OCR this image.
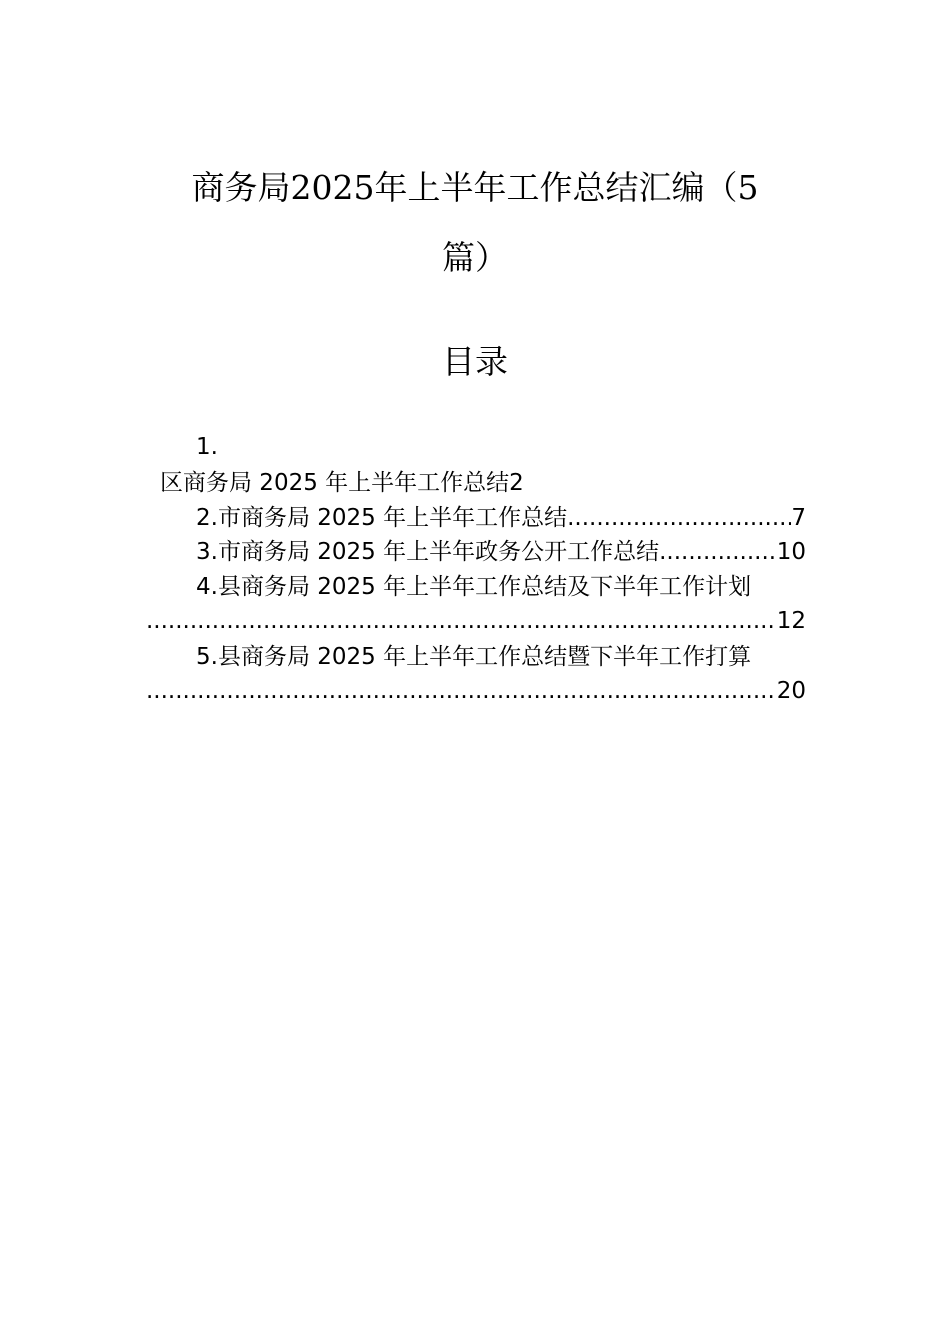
商务局2025年上半年工作总结汇编（5
篇）
目录
1.
区商务局 2025 年上半年工作总结2
2.市商务局 2025 年上半年工作总结 .....	7
3.市商务局 2025 年上半年政务公开工作总结 .....	10
4.县商务局 2025 年上半年工作总结及下半年工作计划
.....
12
5.县商务局 2025 年上半年工作总结暨下半年工作打算
.....
20
